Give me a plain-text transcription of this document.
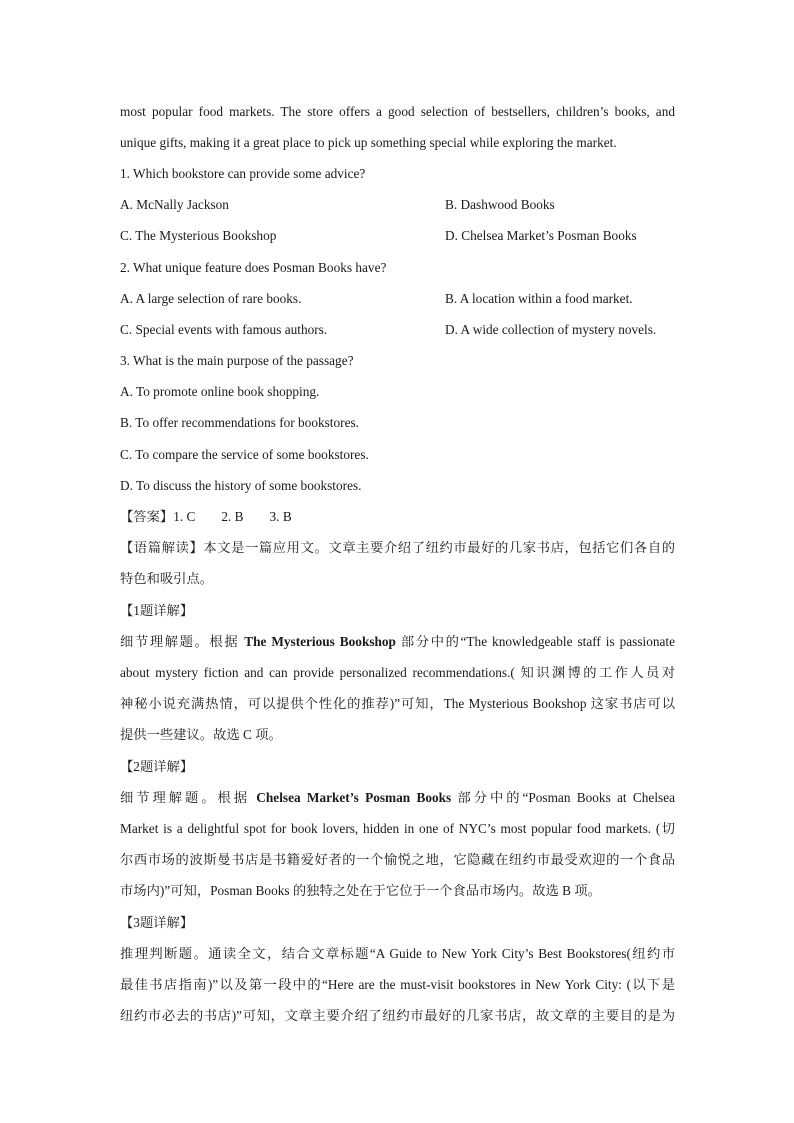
most popular food markets. The store offers a good selection of bestsellers, children’s books, and
unique gifts, making it a great place to pick up something special while exploring the market.
1. Which bookstore can provide some advice?
A. McNally Jackson	B. Dashwood Books
C. The Mysterious Bookshop	D. Chelsea Market’s Posman Books
2. What unique feature does Posman Books have?
A. A large selection of rare books.	B. A location within a food market.
C. Special events with famous authors.	D. A wide collection of mystery novels.
3. What is the main purpose of the passage?
A. To promote online book shopping.
B. To offer recommendations for bookstores.
C. To compare the service of some bookstores.
D. To discuss the history of some bookstores.
【答案】1. C 2. B 3. B
【语篇解读】本文是一篇应用文。文章主要介绍了纽约市最好的几家书店，包括它们各自的
特色和吸引点。
【1题详解】
细节理解题。根据 The Mysterious Bookshop 部分中的“The knowledgeable staff is passionate
about mystery fiction and can provide personalized recommendations.( 知识渊博的工作人员对
神秘小说充满热情，可以提供个性化的推荐)”可知，The Mysterious Bookshop 这家书店可以
提供一些建议。故选 C 项。
【2题详解】
细节理解题。根据 Chelsea Market’s Posman Books 部分中的“Posman Books at Chelsea
Market is a delightful spot for book lovers, hidden in one of NYC’s most popular food markets. (切
尔西市场的波斯曼书店是书籍爱好者的一个愉悦之地，它隐藏在纽约市最受欢迎的一个食品
市场内)”可知，Posman Books 的独特之处在于它位于一个食品市场内。故选 B 项。
【3题详解】
推理判断题。通读全文，结合文章标题“A Guide to New York City’s Best Bookstores(纽约市
最佳书店指南)”以及第一段中的“Here are the must-visit bookstores in New York City: (以下是
纽约市必去的书店)”可知，文章主要介绍了纽约市最好的几家书店，故文章的主要目的是为
